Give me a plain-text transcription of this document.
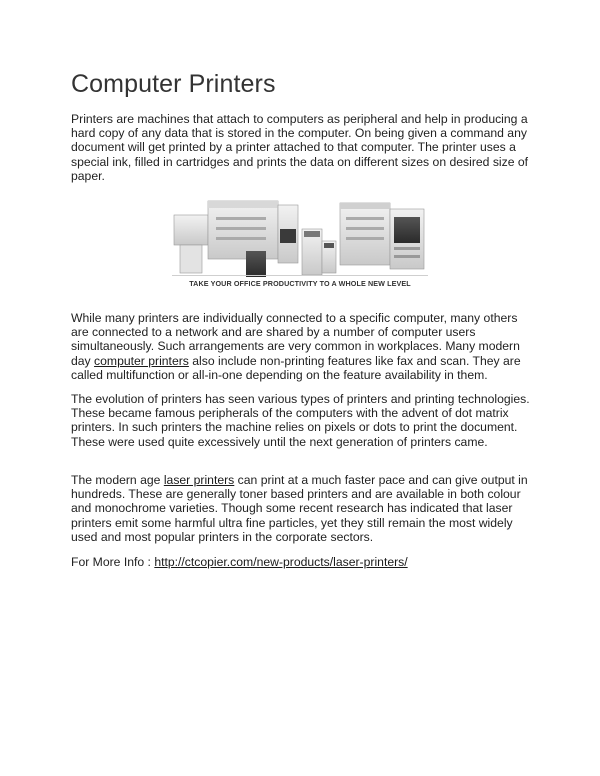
Computer Printers

Printers are machines that attach to computers as peripheral and help in producing a hard copy of any data that is stored in the computer. On being given a command any document will get printed by a printer attached to that computer. The printer uses a special ink, filled in cartridges and prints the data on different sizes on desired size of paper.

TAKE YOUR OFFICE PRODUCTIVITY TO A WHOLE NEW LEVEL

While many printers are individually connected to a specific computer, many others are connected to a network and are shared by a number of computer users simultaneously. Such arrangements are very common in workplaces. Many modern day computer printers also include non-printing features like fax and scan. They are called multifunction or all-in-one depending on the feature availability in them.

The evolution of printers has seen various types of printers and printing technologies. These became famous peripherals of the computers with the advent of dot matrix printers. In such printers the machine relies on pixels or dots to print the document. These were used quite excessively until the next generation of printers came.

The modern age laser printers can print at a much faster pace and can give output in hundreds. These are generally toner based printers and are available in both colour and monochrome varieties. Though some recent research has indicated that laser printers emit some harmful ultra fine particles, yet they still remain the most widely used and most popular printers in the corporate sectors.

For More Info : http://ctcopier.com/new-products/laser-printers/
